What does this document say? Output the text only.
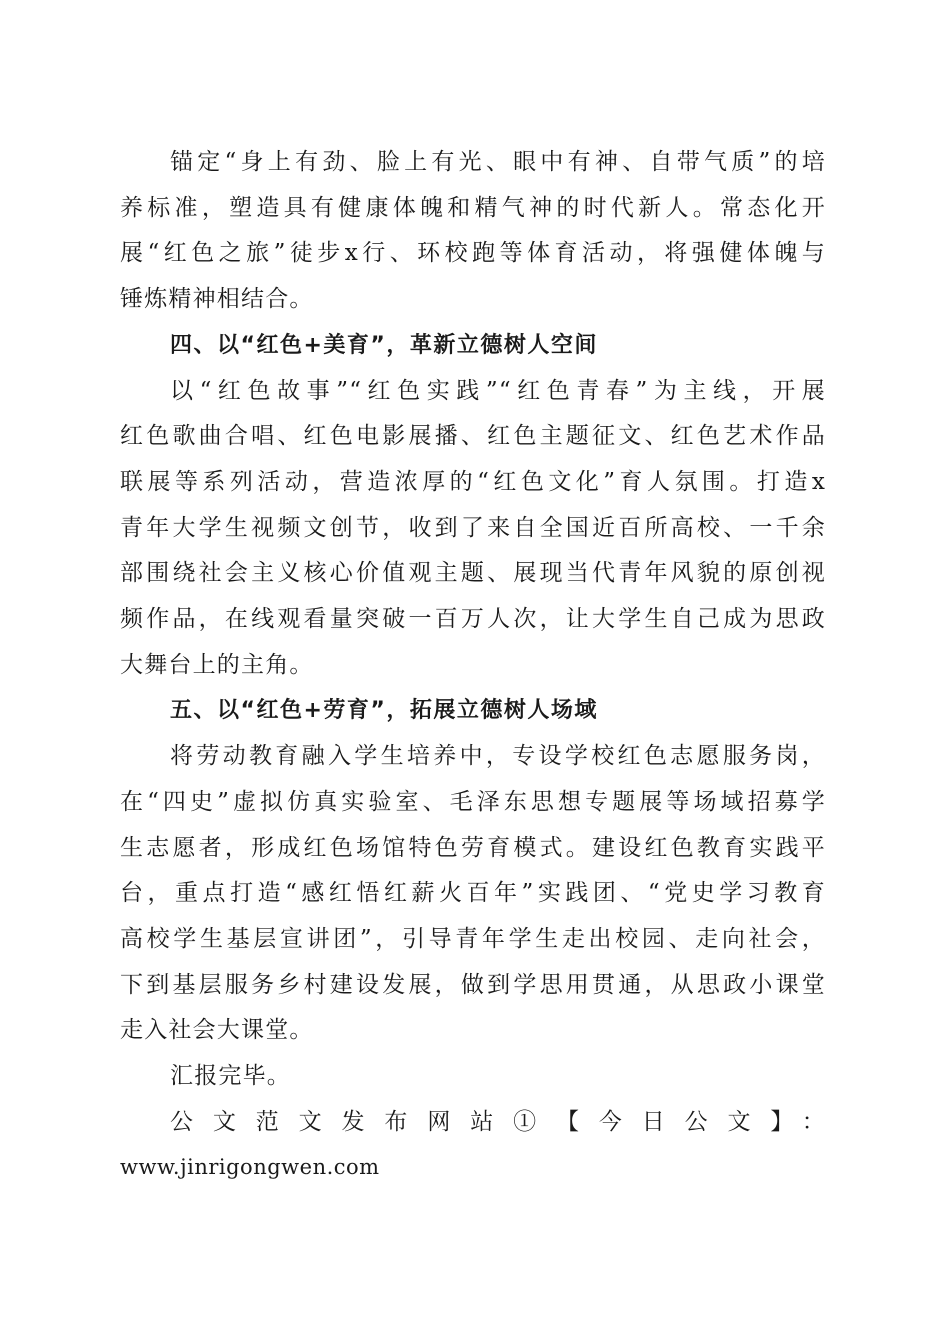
锚定“身上有劲、脸上有光、眼中有神、自带气质”的培
养标准，塑造具有健康体魄和精气神的时代新人。常态化开
展“红色之旅”徒步x行、环校跑等体育活动，将强健体魄与
锤炼精神相结合。

四、以“红色+美育”，革新立德树人空间

以“红色故事”“红色实践”“红色青春”为主线，开展
红色歌曲合唱、红色电影展播、红色主题征文、红色艺术作品
联展等系列活动，营造浓厚的“红色文化”育人氛围。打造x
青年大学生视频文创节，收到了来自全国近百所高校、一千余
部围绕社会主义核心价值观主题、展现当代青年风貌的原创视
频作品，在线观看量突破一百万人次，让大学生自己成为思政
大舞台上的主角。

五、以“红色+劳育”，拓展立德树人场域

将劳动教育融入学生培养中，专设学校红色志愿服务岗，
在“四史”虚拟仿真实验室、毛泽东思想专题展等场域招募学
生志愿者，形成红色场馆特色劳育模式。建设红色教育实践平
台，重点打造“感红悟红薪火百年”实践团、“党史学习教育
高校学生基层宣讲团”，引导青年学生走出校园、走向社会，
下到基层服务乡村建设发展，做到学思用贯通，从思政小课堂
走入社会大课堂。
汇报完毕。
公文范文发布网站①【今日公文】：
www.jinrigongwen.com
